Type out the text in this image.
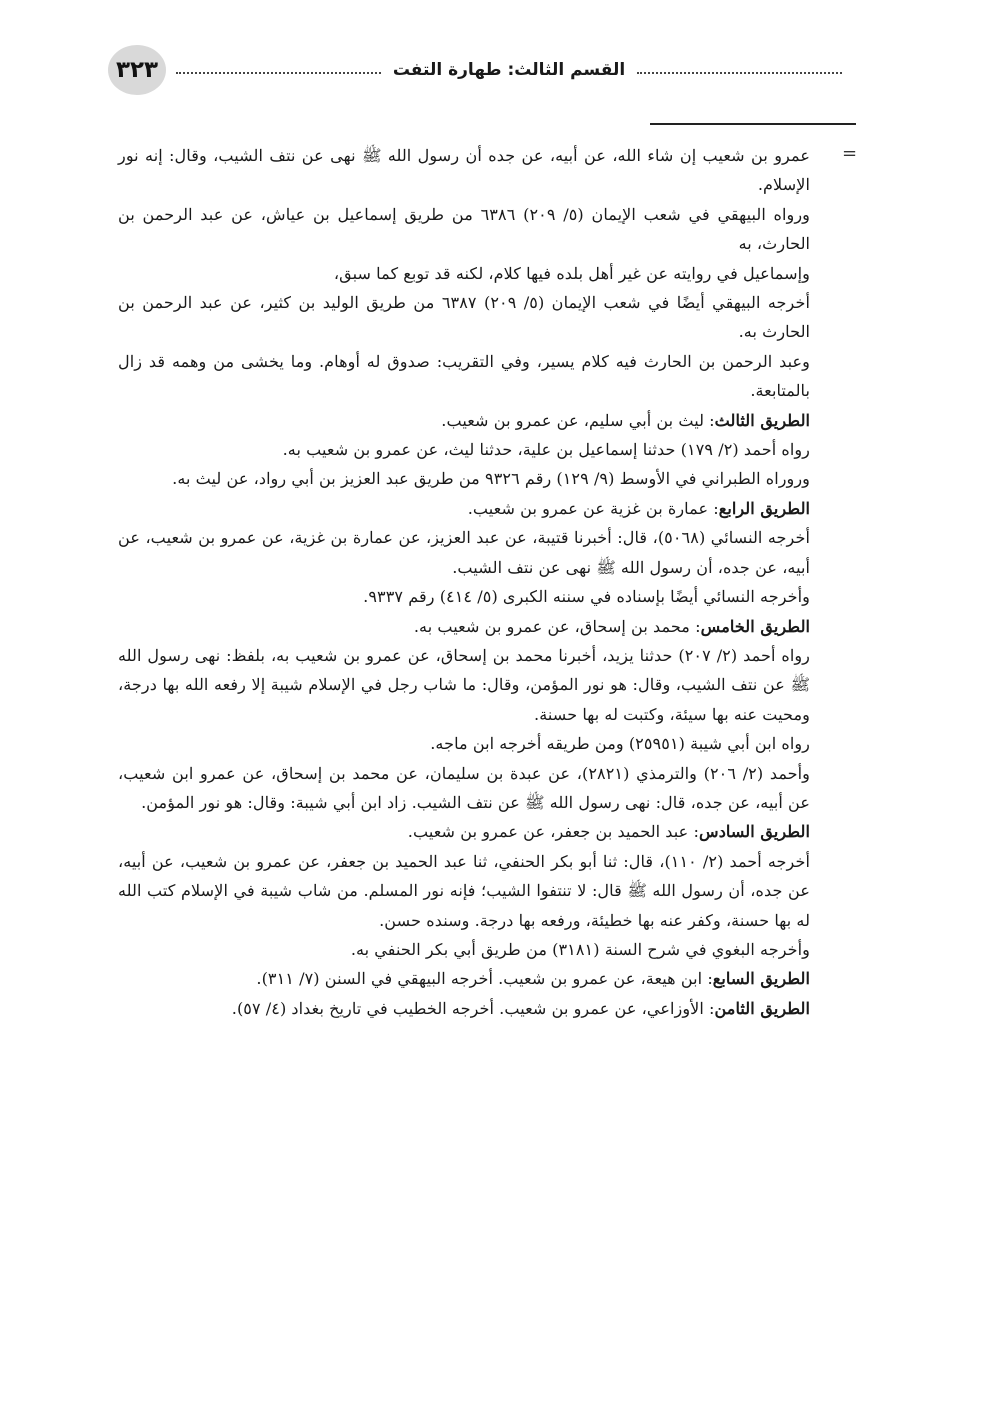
٣٢٣	القسم الثالث: طهارة التفت
=

عمرو بن شعيب إن شاء الله، عن أبيه، عن جده أن رسول الله ﷺ نهى عن نتف الشيب، وقال: إنه نور الإسلام.

ورواه البيهقي في شعب الإيمان (٥/ ٢٠٩) ٦٣٨٦ من طريق إسماعيل بن عياش، عن عبد الرحمن بن الحارث، به

وإسماعيل في روايته عن غير أهل بلده فيها كلام، لكنه قد توبع كما سبق،

أخرجه البيهقي أيضًا في شعب الإيمان (٥/ ٢٠٩) ٦٣٨٧ من طريق الوليد بن كثير، عن عبد الرحمن بن الحارث به.

وعبد الرحمن بن الحارث فيه كلام يسير، وفي التقريب: صدوق له أوهام. وما يخشى من وهمه قد زال بالمتابعة.

الطريق الثالث: ليث بن أبي سليم، عن عمرو بن شعيب.

رواه أحمد (٢/ ١٧٩) حدثنا إسماعيل بن علية، حدثنا ليث، عن عمرو بن شعيب به.

وروراه الطبراني في الأوسط (٩/ ١٢٩) رقم ٩٣٢٦ من طريق عبد العزيز بن أبي رواد، عن ليث به.

الطريق الرابع: عمارة بن غزية عن عمرو بن شعيب.

أخرجه النسائي (٥٠٦٨)، قال: أخبرنا قتيبة، عن عبد العزيز، عن عمارة بن غزية، عن عمرو بن شعيب، عن أبيه، عن جده، أن رسول الله ﷺ نهى عن نتف الشيب.

وأخرجه النسائي أيضًا بإسناده في سننه الكبرى (٥/ ٤١٤) رقم ٩٣٣٧.

الطريق الخامس: محمد بن إسحاق، عن عمرو بن شعيب به.

رواه أحمد (٢/ ٢٠٧) حدثنا يزيد، أخبرنا محمد بن إسحاق، عن عمرو بن شعيب به، بلفظ: نهى رسول الله ﷺ عن نتف الشيب، وقال: هو نور المؤمن، وقال: ما شاب رجل في الإسلام شيبة إلا رفعه الله بها درجة، ومحيت عنه بها سيئة، وكتبت له بها حسنة.

رواه ابن أبي شيبة (٢٥٩٥١) ومن طريقه أخرجه ابن ماجه.

وأحمد (٢/ ٢٠٦) والترمذي (٢٨٢١)، عن عبدة بن سليمان، عن محمد بن إسحاق، عن عمرو ابن شعيب، عن أبيه، عن جده، قال: نهى رسول الله ﷺ عن نتف الشيب. زاد ابن أبي شيبة: وقال: هو نور المؤمن.

الطريق السادس: عبد الحميد بن جعفر، عن عمرو بن شعيب.

أخرجه أحمد (٢/ ١١٠)، قال: ثنا أبو بكر الحنفي، ثنا عبد الحميد بن جعفر، عن عمرو بن شعيب، عن أبيه، عن جده، أن رسول الله ﷺ قال: لا تنتفوا الشيب؛ فإنه نور المسلم. من شاب شيبة في الإسلام كتب الله له بها حسنة، وكفر عنه بها خطيئة، ورفعه بها درجة. وسنده حسن.

وأخرجه البغوي في شرح السنة (٣١٨١) من طريق أبي بكر الحنفي به.

الطريق السابع: ابن هيعة، عن عمرو بن شعيب. أخرجه البيهقي في السنن (٧/ ٣١١).

الطريق الثامن: الأوزاعي، عن عمرو بن شعيب. أخرجه الخطيب في تاريخ بغداد (٤/ ٥٧).
